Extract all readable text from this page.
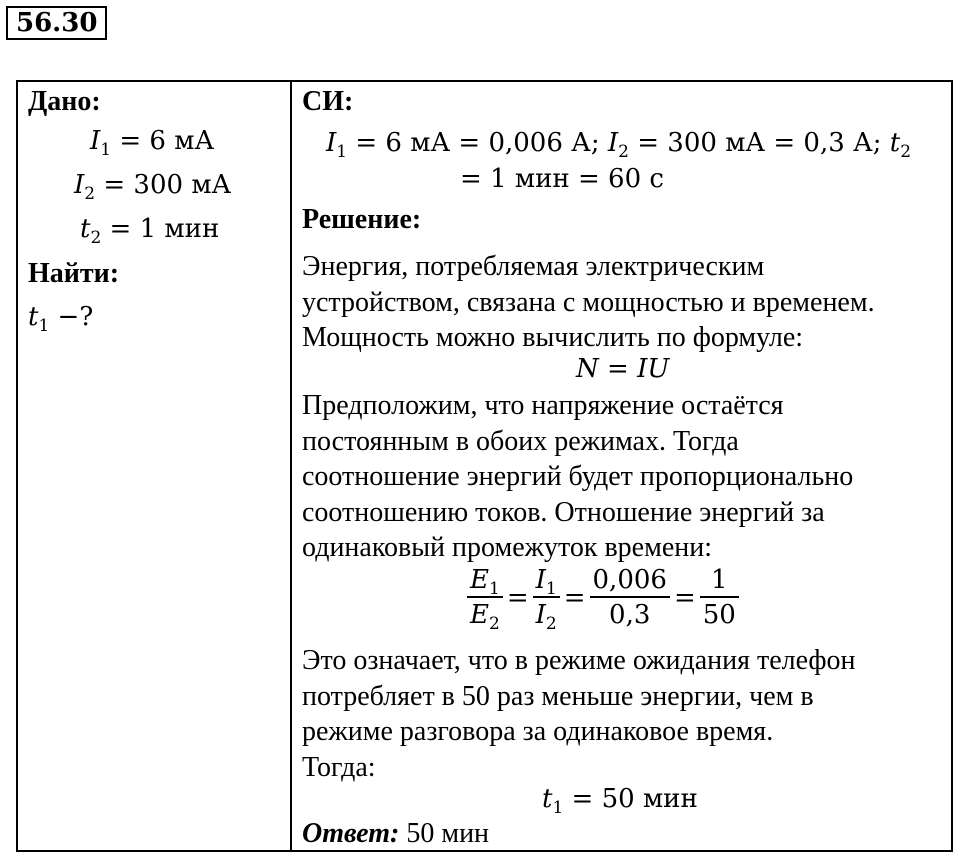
56.30
Дано:
$I_1 = 6$ мА
$I_2 = 300$ мА
$t_2 = 1$ мин
Найти:
$t_1$ −?
СИ:
$I_1 = 6$ мА = 0,006 А; $I_2 = 300$ мА = 0,3 А; $t_2$
= 1 мин = 60 с
Решение:
Энергия, потребляемая электрическим
устройством, связана с мощностью и временем.
Мощность можно вычислить по формуле:
N = IU
Предположим, что напряжение остаётся
постоянным в обоих режимах. Тогда
соотношение энергий будет пропорционально
соотношению токов. Отношение энергий за
одинаковый промежуток времени:
$\frac{E_1}{E_2} = \frac{I_1}{I_2} = \frac{0,006}{0,3} = \frac{1}{50}$
Это означает, что в режиме ожидания телефон
потребляет в 50 раз меньше энергии, чем в
режиме разговора за одинаковое время.
Тогда:
$t_1 = 50$ мин
Ответ: 50 мин
